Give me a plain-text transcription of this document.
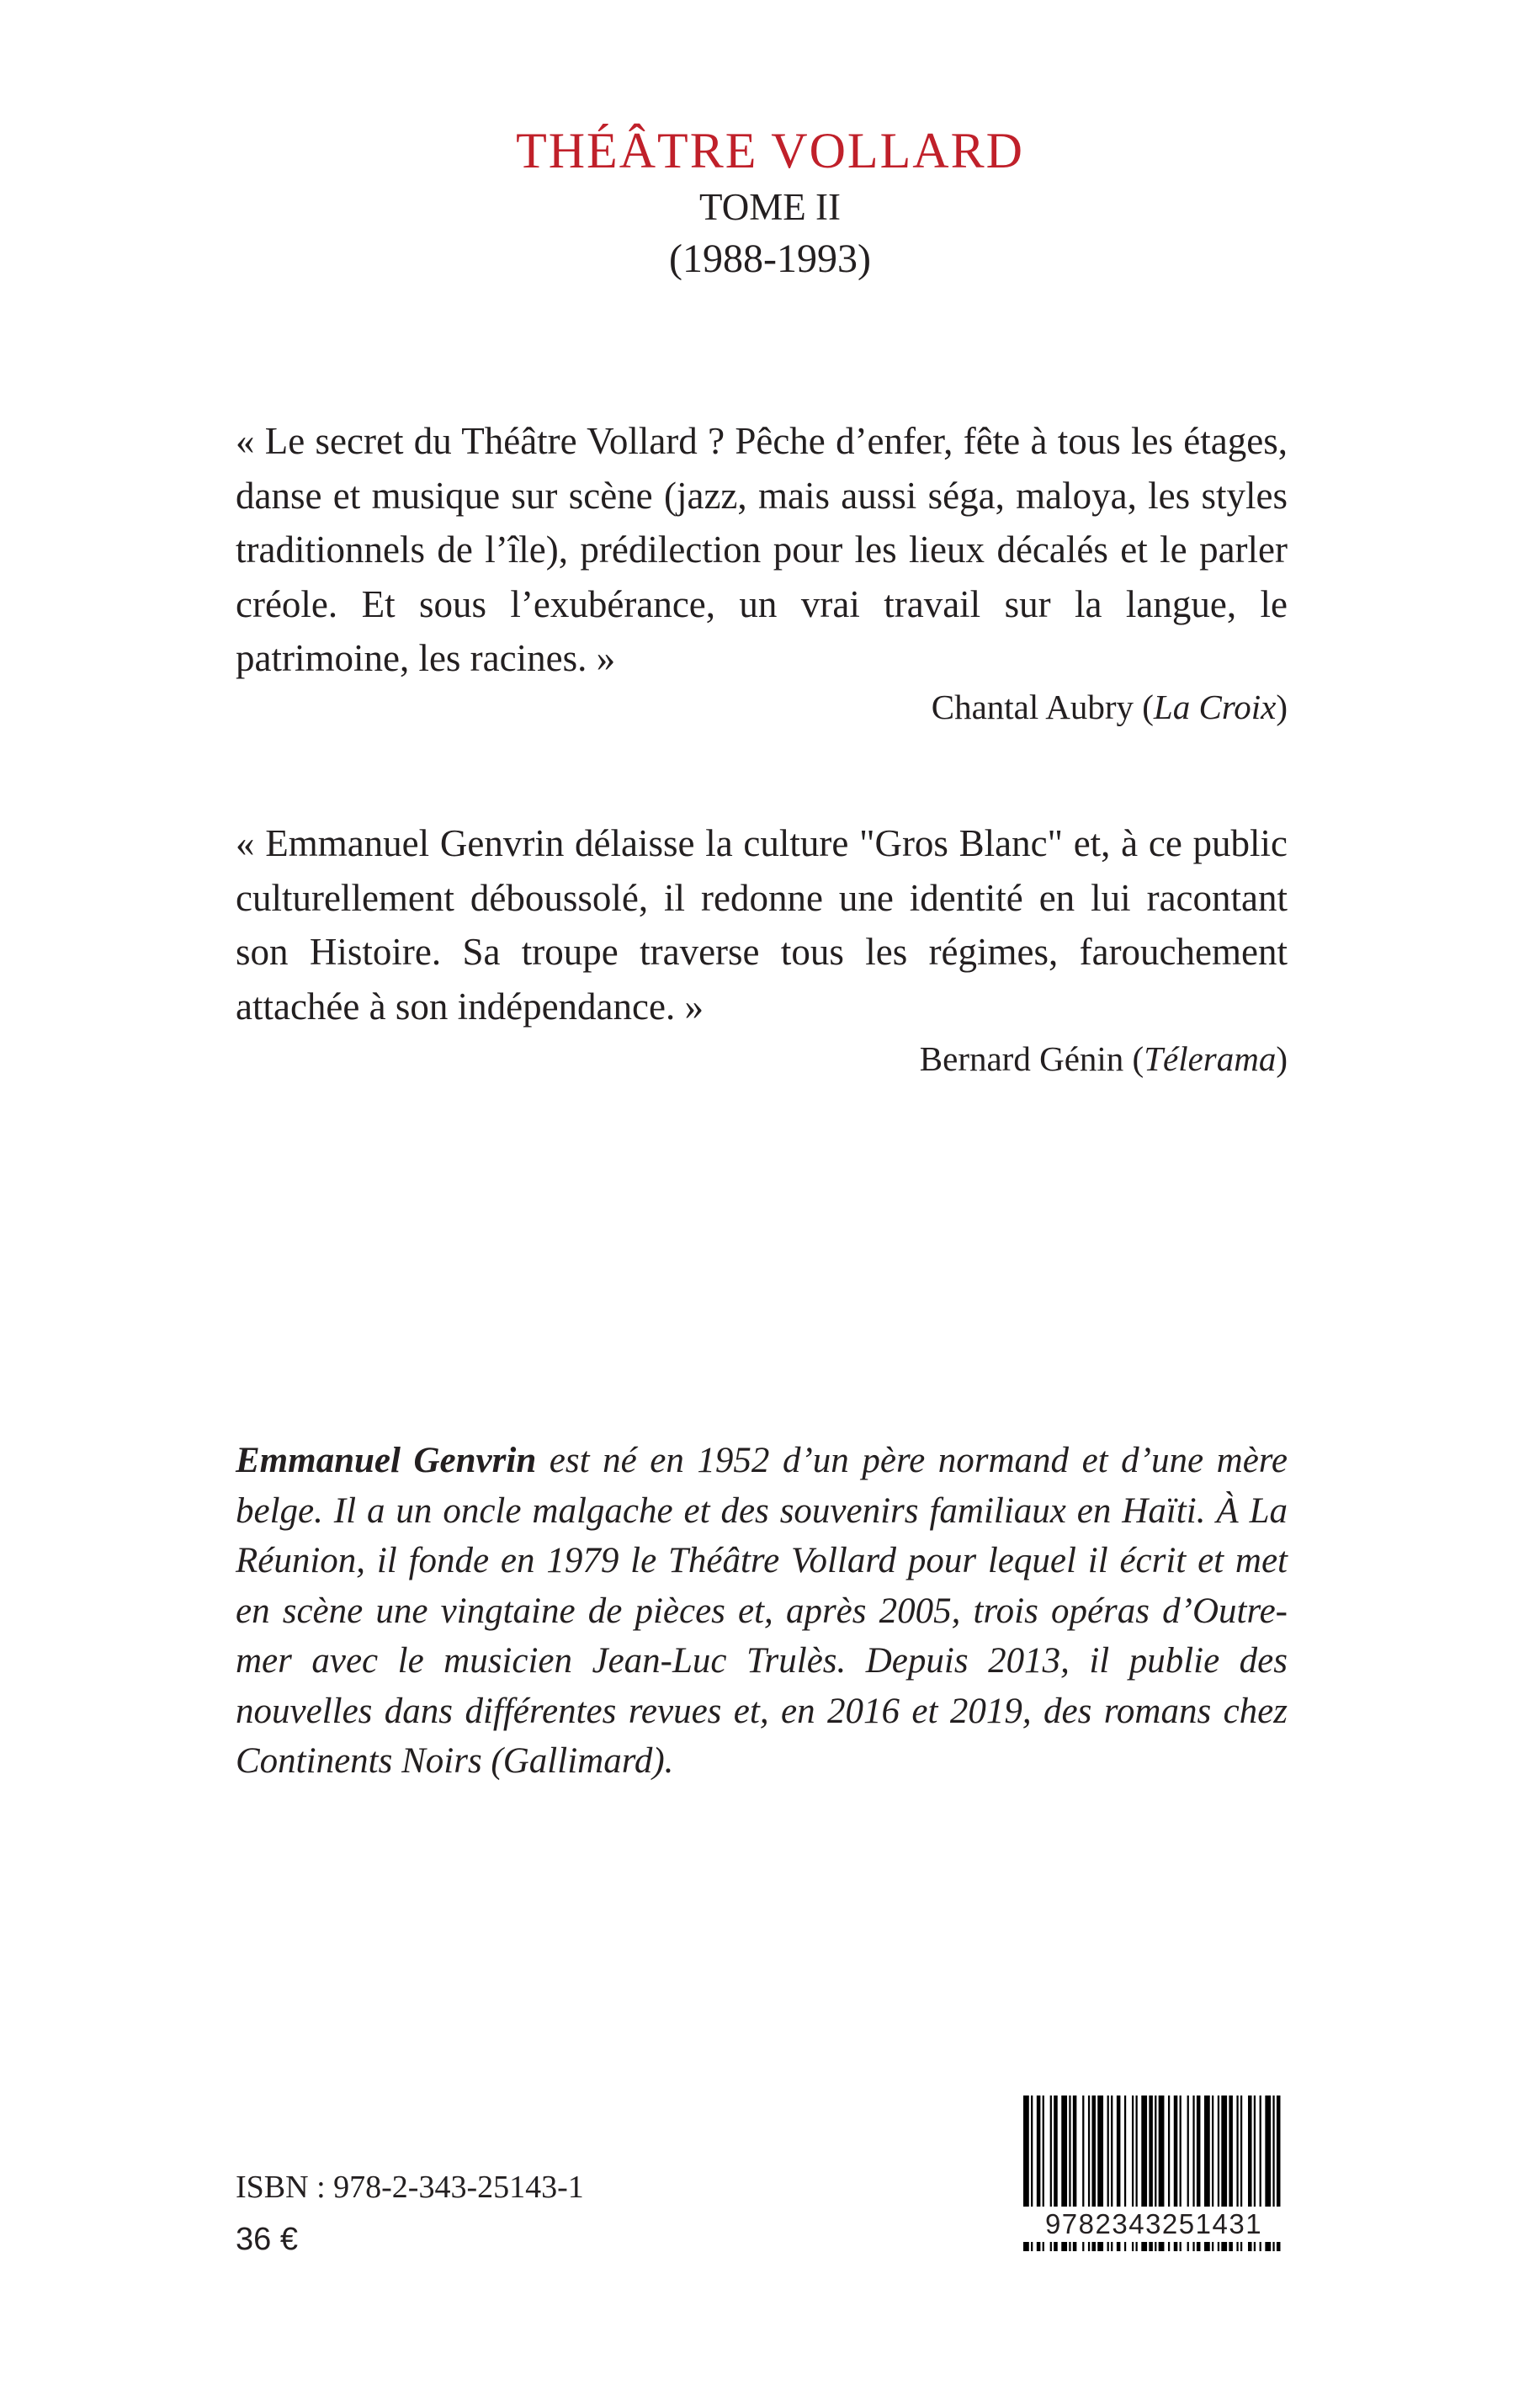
THÉÂTRE VOLLARD
TOME II
(1988-1993)
« Le secret du Théâtre Vollard ? Pêche d’enfer, fête à tous les étages, danse et musique sur scène (jazz, mais aussi séga, maloya, les styles traditionnels de l’île), prédilection pour les lieux décalés et le parler créole. Et sous l’exubérance, un vrai travail sur la langue, le patrimoine, les racines. »
Chantal Aubry (La Croix)
« Emmanuel Genvrin délaisse la culture "Gros Blanc" et, à ce public culturellement déboussolé, il redonne une identité en lui racontant son Histoire. Sa troupe traverse tous les régimes, farouchement attachée à son indépendance. »
Bernard Génin (Télerama)
Emmanuel Genvrin est né en 1952 d’un père normand et d’une mère belge. Il a un oncle malgache et des souvenirs familiaux en Haïti. À La Réunion, il fonde en 1979 le Théâtre Vollard pour lequel il écrit et met en scène une vingtaine de pièces et, après 2005, trois opéras d’Outre-mer avec le musicien Jean-Luc Trulès. Depuis 2013, il publie des nouvelles dans différentes revues et, en 2016 et 2019, des romans chez Continents Noirs (Gallimard).
ISBN : 978-2-343-25143-1
36 €	9782343251431
